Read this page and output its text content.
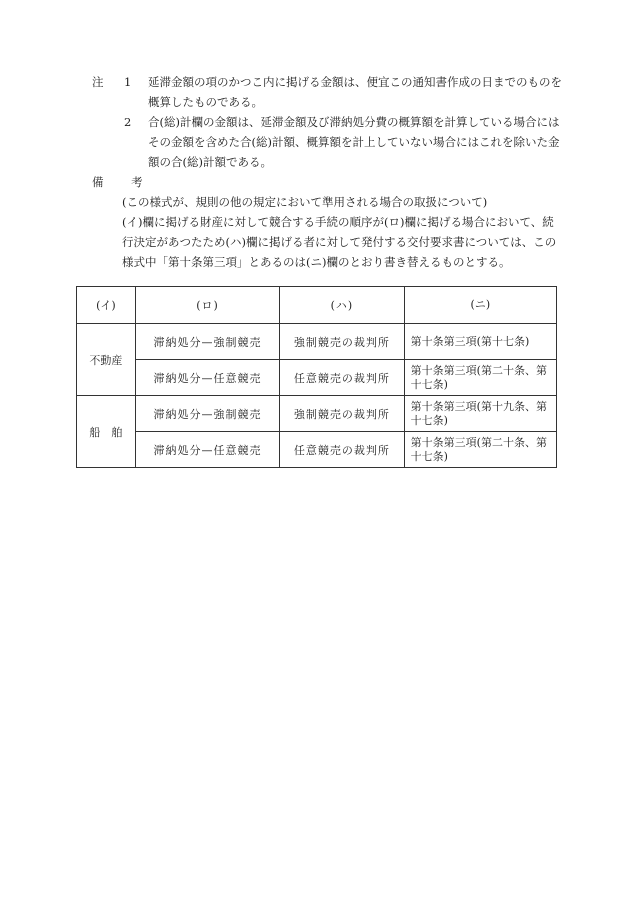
注	1	延滞金額の項のかつこ内に掲げる金額は、便宜この通知書作成の日までのものを概算したものである。
2	合(総)計欄の金額は、延滞金額及び滞納処分費の概算額を計算している場合にはその金額を含めた合(総)計額、概算額を計上していない場合にはこれを除いた金額の合(総)計額である。
備 考
(この様式が、規則の他の規定において準用される場合の取扱について)
(イ)欄に掲げる財産に対して競合する手続の順序が(ロ)欄に掲げる場合において、続行決定があつたため(ハ)欄に掲げる者に対して発付する交付要求書については、この様式中「第十条第三項」とあるのは(ニ)欄のとおり書き替えるものとする。
(イ)	(ロ)	(ハ)	(ニ)
不動産	滞納処分—強制競売	強制競売の裁判所	第十条第三項(第十七条)
	滞納処分—任意競売	任意競売の裁判所	第十条第三項(第二十条、第十七条)
船　舶	滞納処分—強制競売	強制競売の裁判所	第十条第三項(第十九条、第十七条)
	滞納処分—任意競売	任意競売の裁判所	第十条第三項(第二十条、第十七条)
